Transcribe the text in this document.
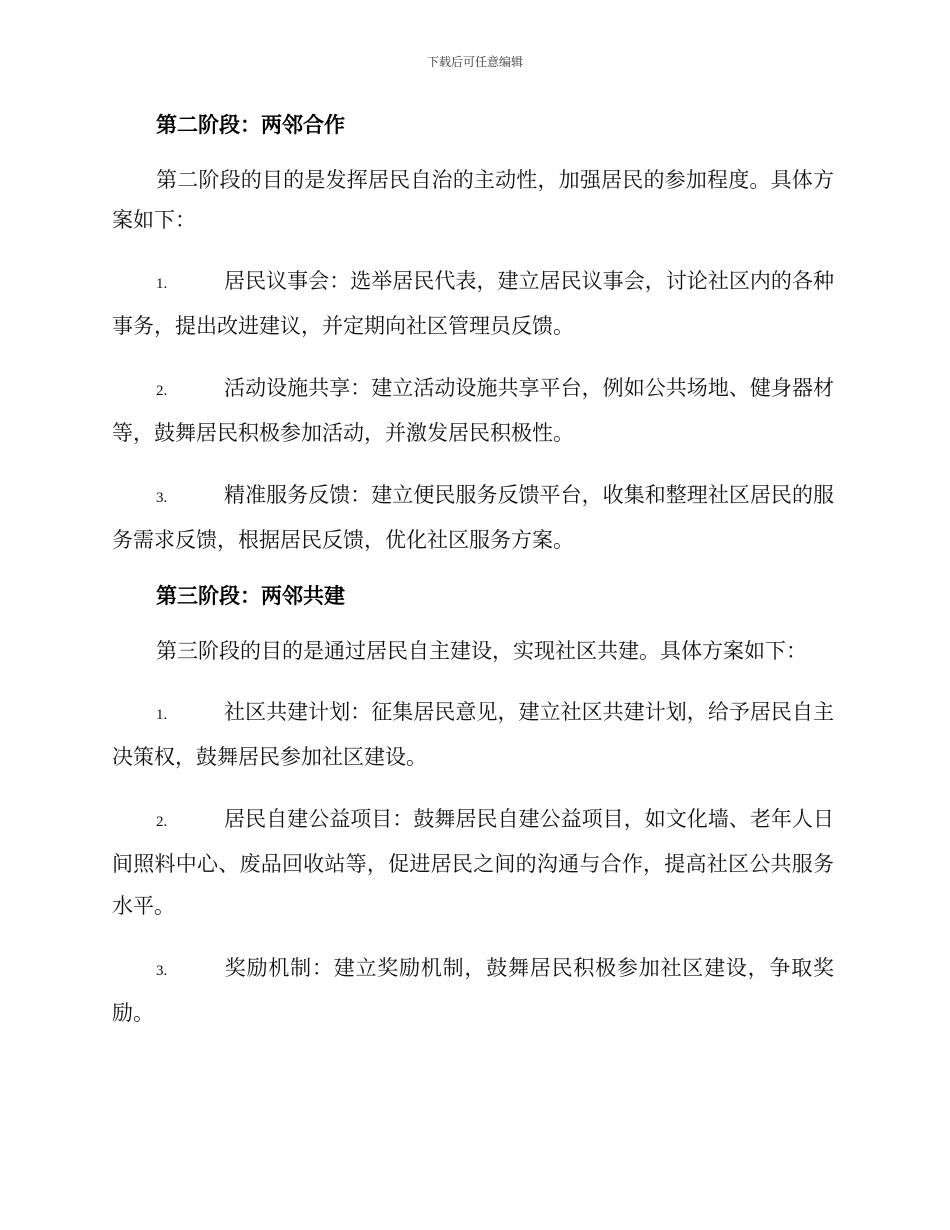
下载后可任意编辑
第二阶段：两邻合作
第二阶段的目的是发挥居民自治的主动性，加强居民的参加程度。具体方案如下：
1.	居民议事会：选举居民代表，建立居民议事会，讨论社区内的各种事务，提出改进建议，并定期向社区管理员反馈。
2.	活动设施共享：建立活动设施共享平台，例如公共场地、健身器材等，鼓舞居民积极参加活动，并激发居民积极性。
3.	精准服务反馈：建立便民服务反馈平台，收集和整理社区居民的服务需求反馈，根据居民反馈，优化社区服务方案。
第三阶段：两邻共建
第三阶段的目的是通过居民自主建设，实现社区共建。具体方案如下：
1.	社区共建计划：征集居民意见，建立社区共建计划，给予居民自主决策权，鼓舞居民参加社区建设。
2.	居民自建公益项目：鼓舞居民自建公益项目，如文化墙、老年人日间照料中心、废品回收站等，促进居民之间的沟通与合作，提高社区公共服务水平。
3.	奖励机制：建立奖励机制，鼓舞居民积极参加社区建设，争取奖励。
